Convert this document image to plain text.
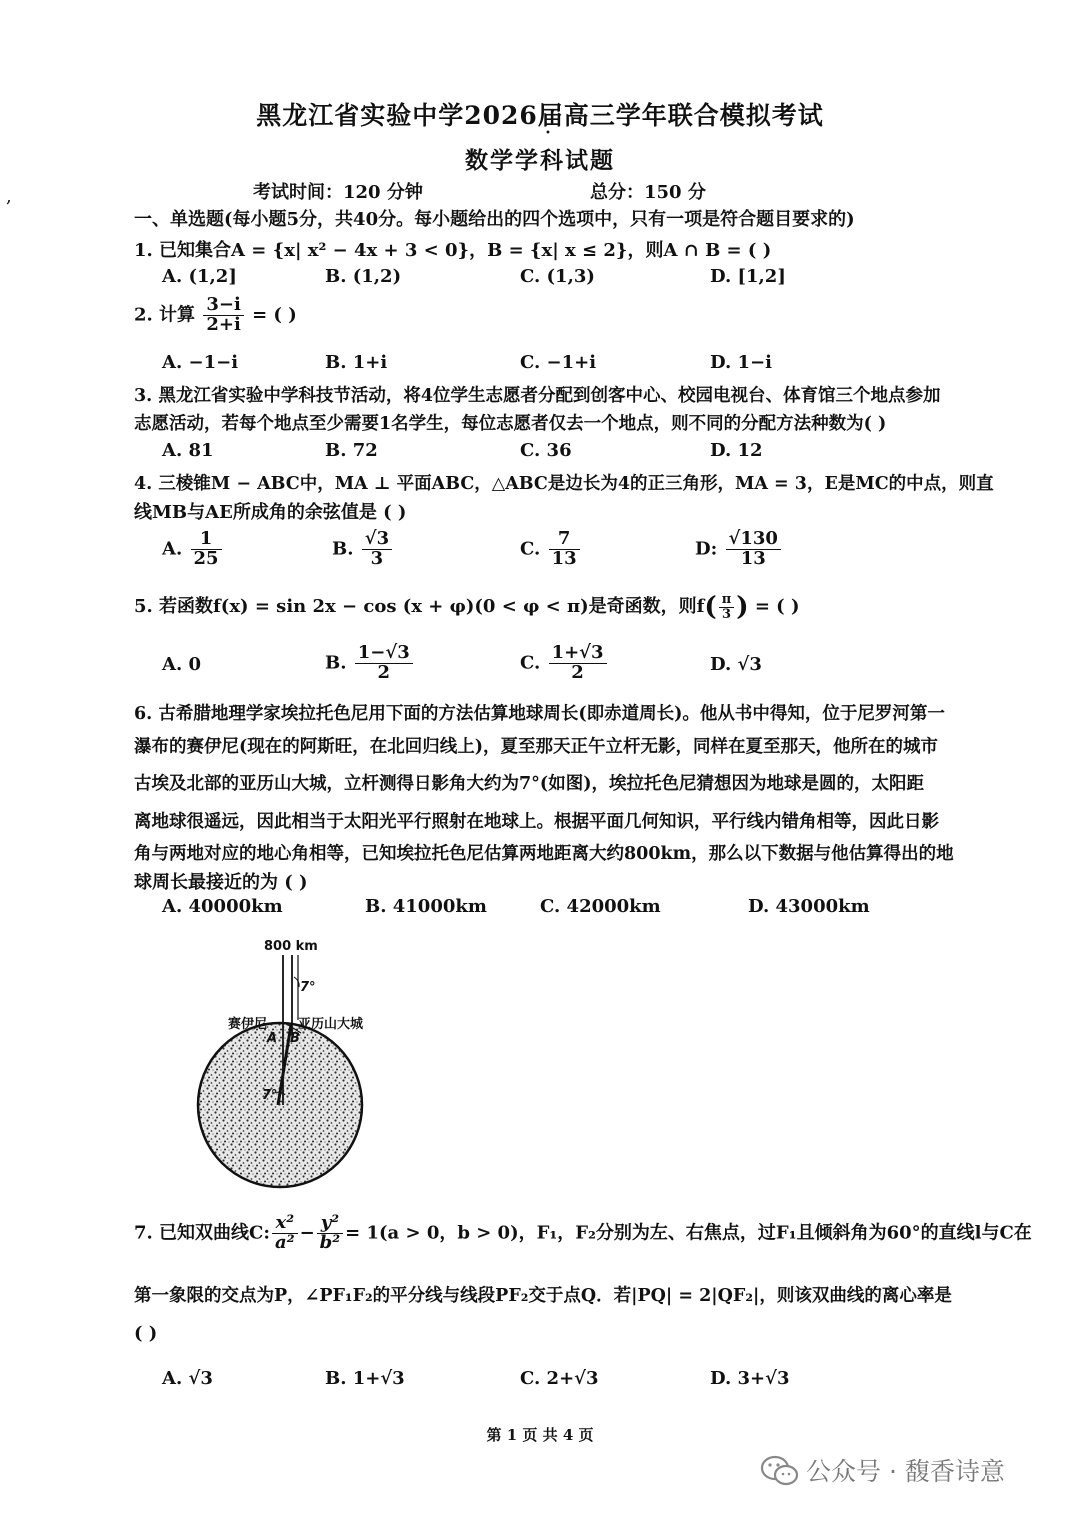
黑龙江省实验中学2026届高三学年联合模拟考试
•
数学学科试题
,	考试时间：120 分钟	总分：150 分
一、单选题(每小题5分，共40分。每小题给出的四个选项中，只有一项是符合题目要求的)
1. 已知集合A = {x| x² − 4x + 3 < 0}，B = {x| x ≤ 2}，则A ∩ B = ( )
A. (1,2]	B. (1,2)	C. (1,3)	D. [1,2]
2. 计算 $\frac{3-i}{2+i}$ = ( )
A. −1−i	B. 1+i	C. −1+i	D. 1−i
3. 黑龙江省实验中学科技节活动，将4位学生志愿者分配到创客中心、校园电视台、体育馆三个地点参加
志愿活动，若每个地点至少需要1名学生，每位志愿者仅去一个地点，则不同的分配方法种数为( )
A. 81	B. 72	C. 36	D. 12
4. 三棱锥M − ABC中，MA ⊥ 平面ABC，△ABC是边长为4的正三角形，MA = 3，E是MC的中点，则直
线MB与AE所成角的余弦值是 ( )
A. $\frac{1}{25}$	B. $\frac{√3}{3}$	C. $\frac{7}{13}$	D: $\frac{√130}{13}$
5. 若函数f(x) = sin 2x − cos (x + φ)(0 < φ < π)是奇函数，则$f( \frac{\pi}{3}$ ) = ( )
A. 0	B. $\frac{1-√3}{2}$	C. $\frac{1+√3}{2}$	D. √3
6. 古希腊地理学家埃拉托色尼用下面的方法估算地球周长(即赤道周长)。他从书中得知，位于尼罗河第一
瀑布的赛伊尼(现在的阿斯旺，在北回归线上)，夏至那天正午立杆无影，同样在夏至那天，他所在的城市
古埃及北部的亚历山大城，立杆测得日影角大约为7°(如图)，埃拉托色尼猜想因为地球是圆的，太阳距
离地球很遥远，因此相当于太阳光平行照射在地球上。根据平面几何知识，平行线内错角相等，因此日影
角与两地对应的地心角相等，已知埃拉托色尼估算两地距离大约800km，那么以下数据与他估算得出的地
球周长最接近的为 ( )
A. 40000km	B. 41000km	C. 42000km	D. 43000km
800 km
7°
赛伊尼 亚历山大城
A B
7°
7. 已知双曲线C: $\frac{\text{x²}}{\text{a²}} - \frac{\text{y²}}{\text{b²}} = 1(a > 0$，b > 0)，F₁，F₂分别为左、右焦点，过F₁且倾斜角为60°的直线l与C在
第一象限的交点为P，∠PF₁F₂的平分线与线段PF₂交于点Q．若|PQ| = 2|QF₂|，则该双曲线的离心率是
( )
A. √3	B. 1+√3	C. 2+√3	D. 3+√3
第 1 页 共 4 页
公众号 · 馥香诗意
